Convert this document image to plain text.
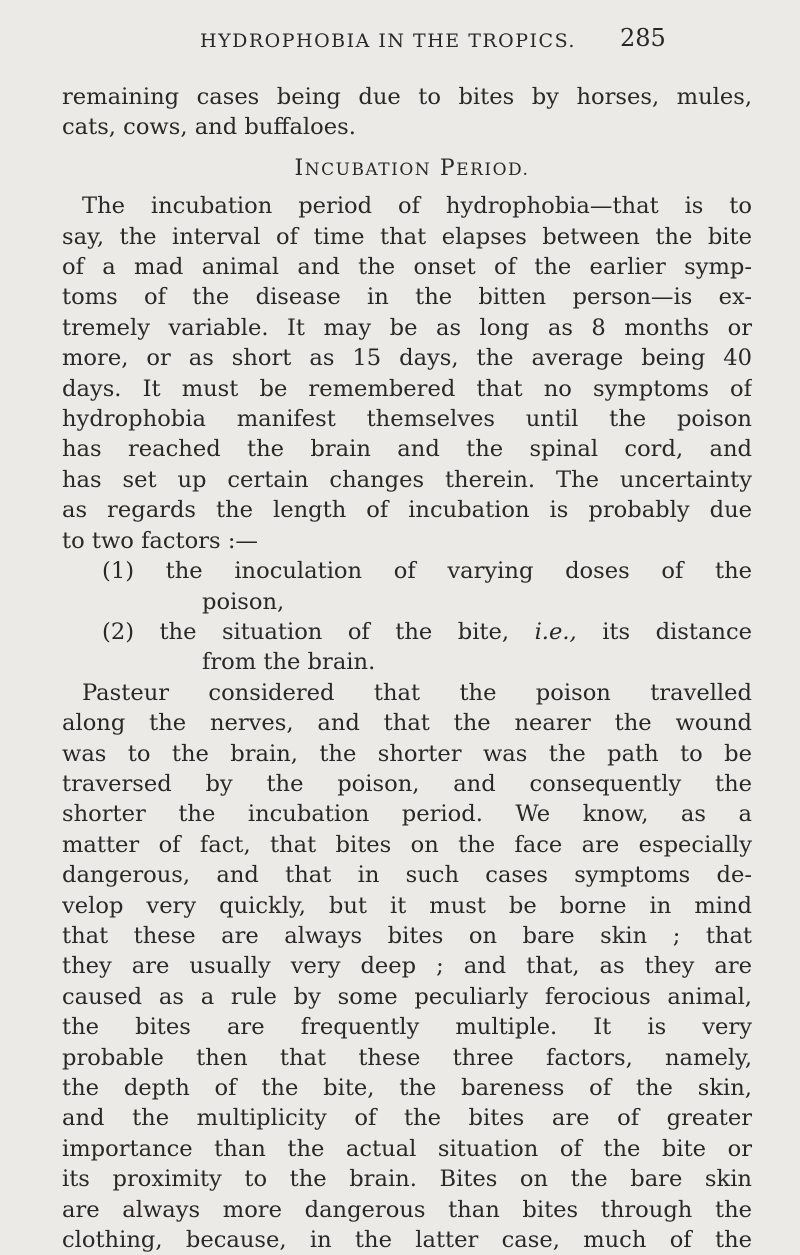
HYDROPHOBIA IN THE TROPICS. 285
remaining cases being due to bites by horses, mules,
cats, cows, and buffaloes.
INCUBATION PERIOD.
The incubation period of hydrophobia—that is to
say, the interval of time that elapses between the bite
of a mad animal and the onset of the earlier symp-
toms of the disease in the bitten person—is ex-
tremely variable. It may be as long as 8 months or
more, or as short as 15 days, the average being 40
days. It must be remembered that no symptoms of
hydrophobia manifest themselves until the poison
has reached the brain and the spinal cord, and
has set up certain changes therein. The uncertainty
as regards the length of incubation is probably due
to two factors :—
(1) the inoculation of varying doses of the
poison,
(2) the situation of the bite, i.e., its distance
from the brain.
Pasteur considered that the poison travelled
along the nerves, and that the nearer the wound
was to the brain, the shorter was the path to be
traversed by the poison, and consequently the
shorter the incubation period. We know, as a
matter of fact, that bites on the face are especially
dangerous, and that in such cases symptoms de-
velop very quickly, but it must be borne in mind
that these are always bites on bare skin ; that
they are usually very deep ; and that, as they are
caused as a rule by some peculiarly ferocious animal,
the bites are frequently multiple. It is very
probable then that these three factors, namely,
the depth of the bite, the bareness of the skin,
and the multiplicity of the bites are of greater
importance than the actual situation of the bite or
its proximity to the brain. Bites on the bare skin
are always more dangerous than bites through the
clothing, because, in the latter case, much of the
